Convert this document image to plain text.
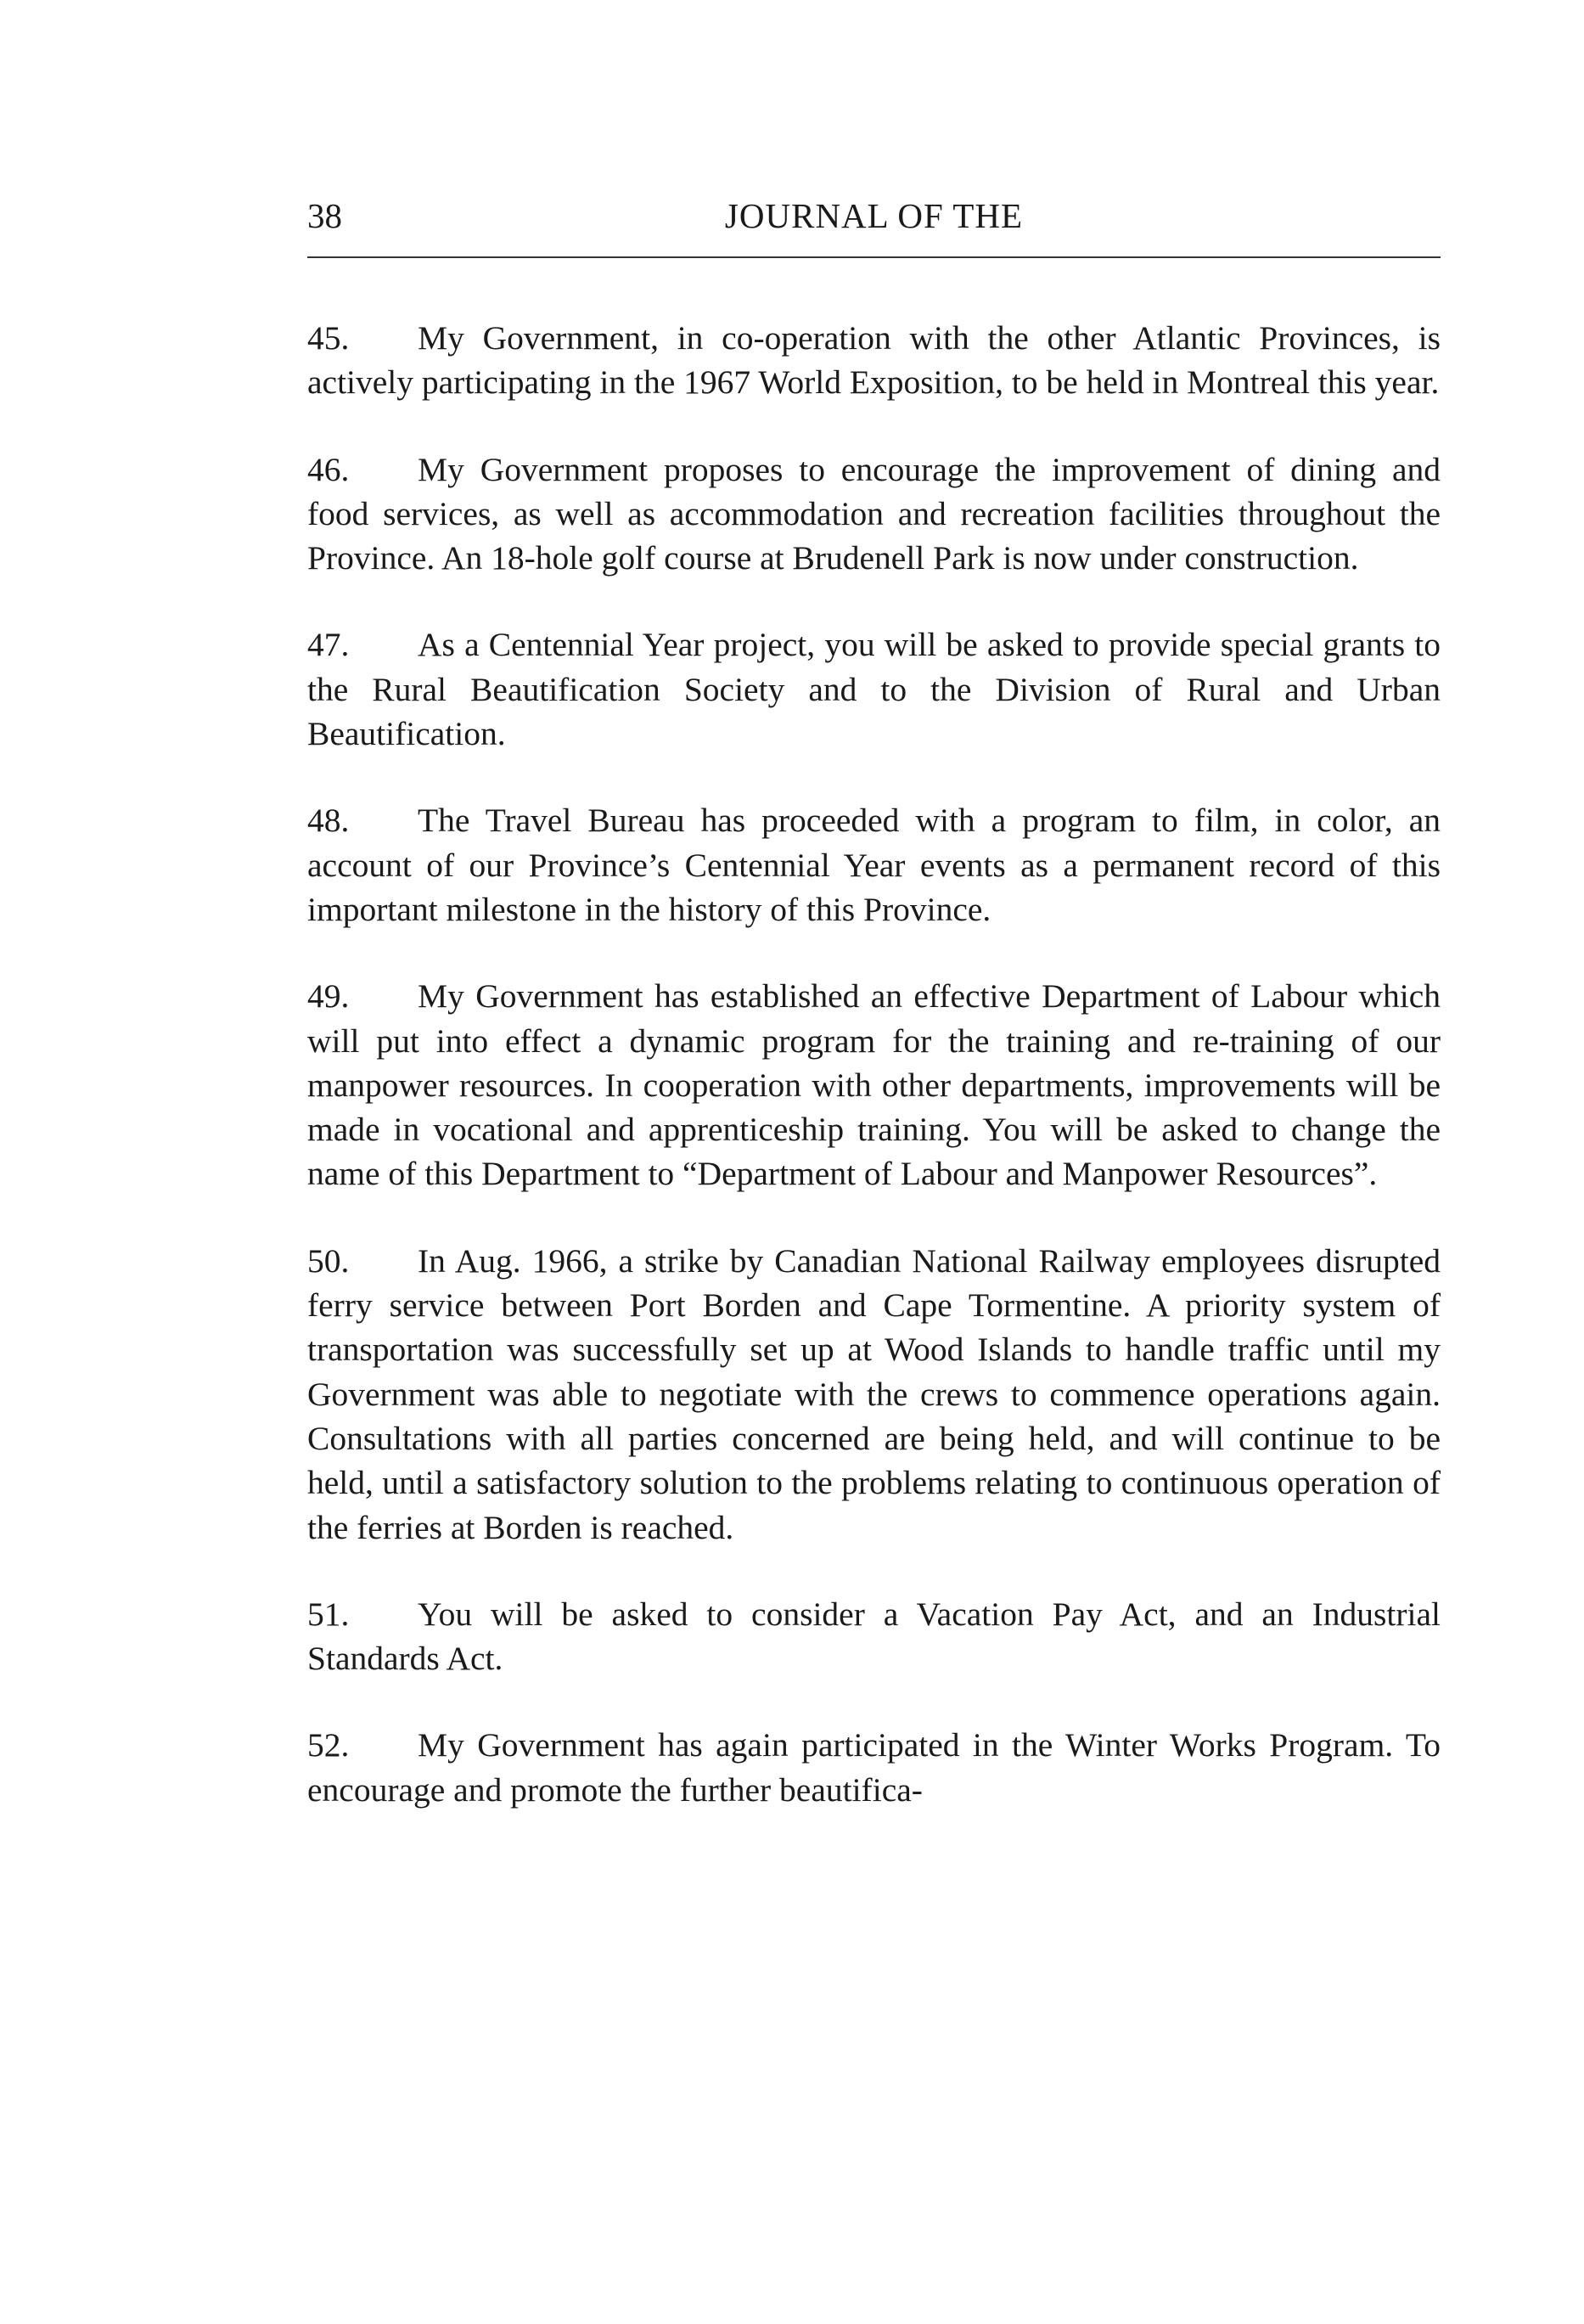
38	JOURNAL OF THE

45. My Government, in co-operation with the other Atlantic Provinces, is actively participating in the 1967 World Exposition, to be held in Montreal this year.

46. My Government proposes to encourage the improvement of dining and food services, as well as accommodation and recreation facilities throughout the Province. An 18-hole golf course at Brudenell Park is now under construction.

47. As a Centennial Year project, you will be asked to provide special grants to the Rural Beautification Society and to the Division of Rural and Urban Beautification.

48. The Travel Bureau has proceeded with a program to film, in color, an account of our Province’s Centennial Year events as a permanent record of this important milestone in the history of this Province.

49. My Government has established an effective Department of Labour which will put into effect a dynamic program for the training and re-training of our manpower resources. In cooperation with other departments, improvements will be made in vocational and apprenticeship training. You will be asked to change the name of this Department to “Department of Labour and Manpower Resources”.

50. In Aug. 1966, a strike by Canadian National Railway employees disrupted ferry service between Port Borden and Cape Tormentine. A priority system of transportation was successfully set up at Wood Islands to handle traffic until my Government was able to negotiate with the crews to commence operations again. Consultations with all parties concerned are being held, and will continue to be held, until a satisfactory solution to the problems relating to continuous operation of the ferries at Borden is reached.

51. You will be asked to consider a Vacation Pay Act, and an Industrial Standards Act.

52. My Government has again participated in the Winter Works Program. To encourage and promote the further beautifica-
